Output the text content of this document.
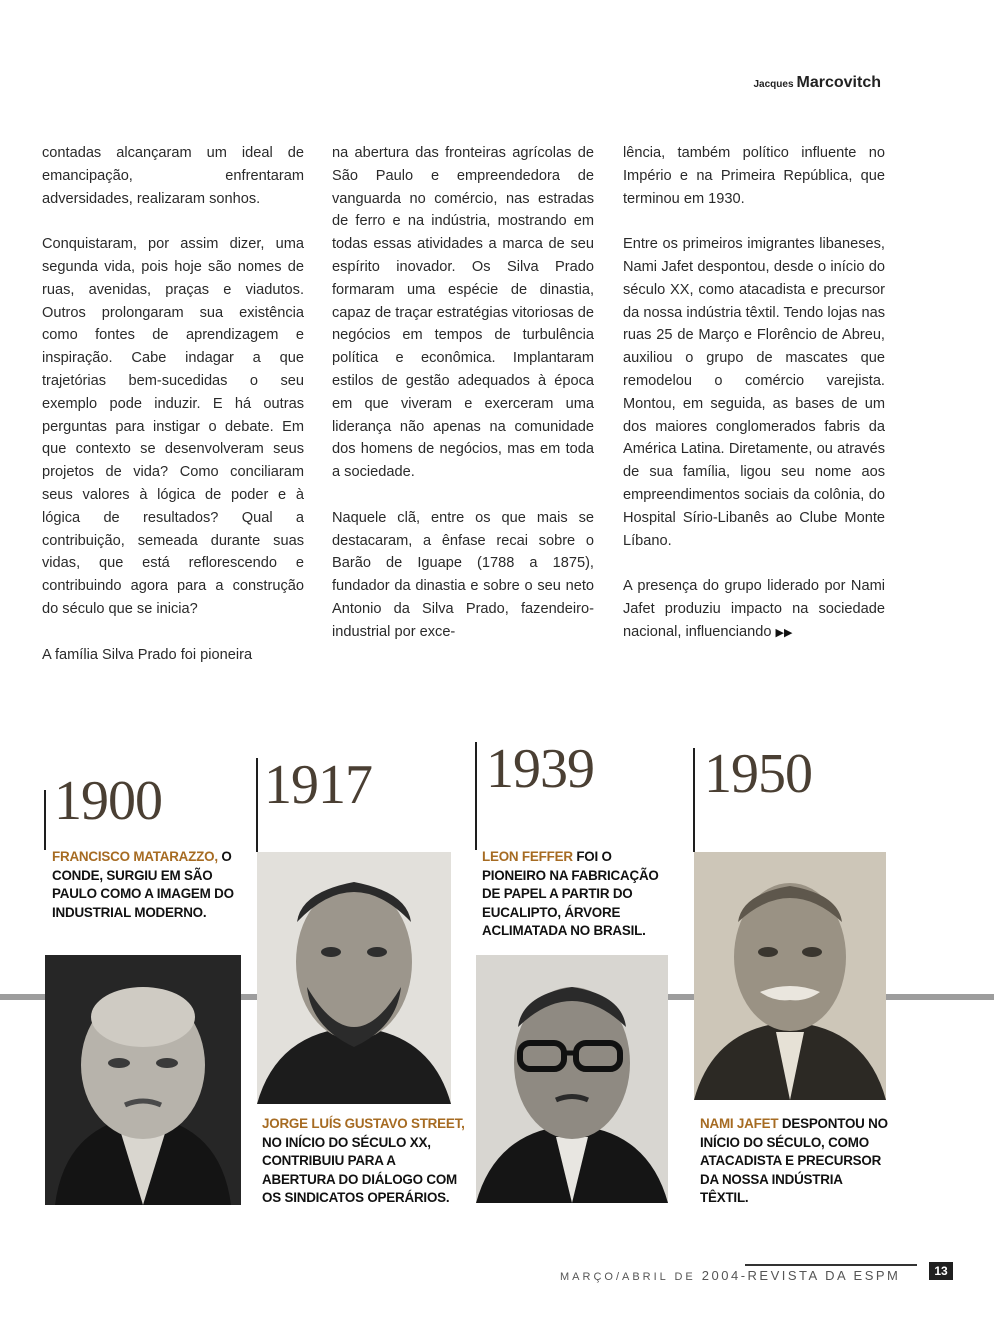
Jacques Marcovitch

contadas alcançaram um ideal de emancipação, enfrentaram adversidades, realizaram sonhos.

Conquistaram, por assim dizer, uma segunda vida, pois hoje são nomes de ruas, avenidas, praças e viadutos. Outros prolongaram sua existência como fontes de aprendizagem e inspiração. Cabe indagar a que trajetórias bem-sucedidas o seu exemplo pode induzir. E há outras perguntas para instigar o debate. Em que contexto se desenvolveram seus projetos de vida? Como conciliaram seus valores à lógica de poder e à lógica de resultados? Qual a contribuição, semeada durante suas vidas, que está reflorescendo e contribuindo agora para a construção do século que se inicia?

A família Silva Prado foi pioneira

na abertura das fronteiras agrícolas de São Paulo e empreendedora de vanguarda no comércio, nas estradas de ferro e na indústria, mostrando em todas essas atividades a marca de seu espírito inovador. Os Silva Prado formaram uma espécie de dinastia, capaz de traçar estratégias vitoriosas de negócios em tempos de turbulência política e econômica. Implantaram estilos de gestão adequados à época em que viveram e exerceram uma liderança não apenas na comunidade dos homens de negócios, mas em toda a sociedade.

Naquele clã, entre os que mais se destacaram, a ênfase recai sobre o Barão de Iguape (1788 a 1875), fundador da dinastia e sobre o seu neto Antonio da Silva Prado, fazendeiro-industrial por exce-

lência, também político influente no Império e na Primeira República, que terminou em 1930.

Entre os primeiros imigrantes libaneses, Nami Jafet despontou, desde o início do século XX, como atacadista e precursor da nossa indústria têxtil. Tendo lojas nas ruas 25 de Março e Florêncio de Abreu, auxiliou o grupo de mascates que remodelou o comércio varejista. Montou, em seguida, as bases de um dos maiores conglomerados fabris da América Latina. Diretamente, ou através de sua família, ligou seu nome aos empreendimentos sociais da colônia, do Hospital Sírio-Libanês ao Clube Monte Líbano.

A presença do grupo liderado por Nami Jafet produziu impacto na sociedade nacional, influenciando ▶▶

1900
FRANCISCO MATARAZZO, O CONDE, SURGIU EM SÃO PAULO COMO A IMAGEM DO INDUSTRIAL MODERNO.
1917
JORGE LUÍS GUSTAVO STREET, NO INÍCIO DO SÉCULO XX, CONTRIBUIU PARA A ABERTURA DO DIÁLOGO COM OS SINDICATOS OPERÁRIOS.
1939
LEON FEFFER FOI O PIONEIRO NA FABRICAÇÃO DE PAPEL A PARTIR DO EUCALIPTO, ÁRVORE ACLIMATADA NO BRASIL.
1950
NAMI JAFET DESPONTOU NO INÍCIO DO SÉCULO, COMO ATACADISTA E PRECURSOR DA NOSSA INDÚSTRIA TÊXTIL.
MARÇO/ABRIL DE 2004-REVISTA DA ESPM	13
